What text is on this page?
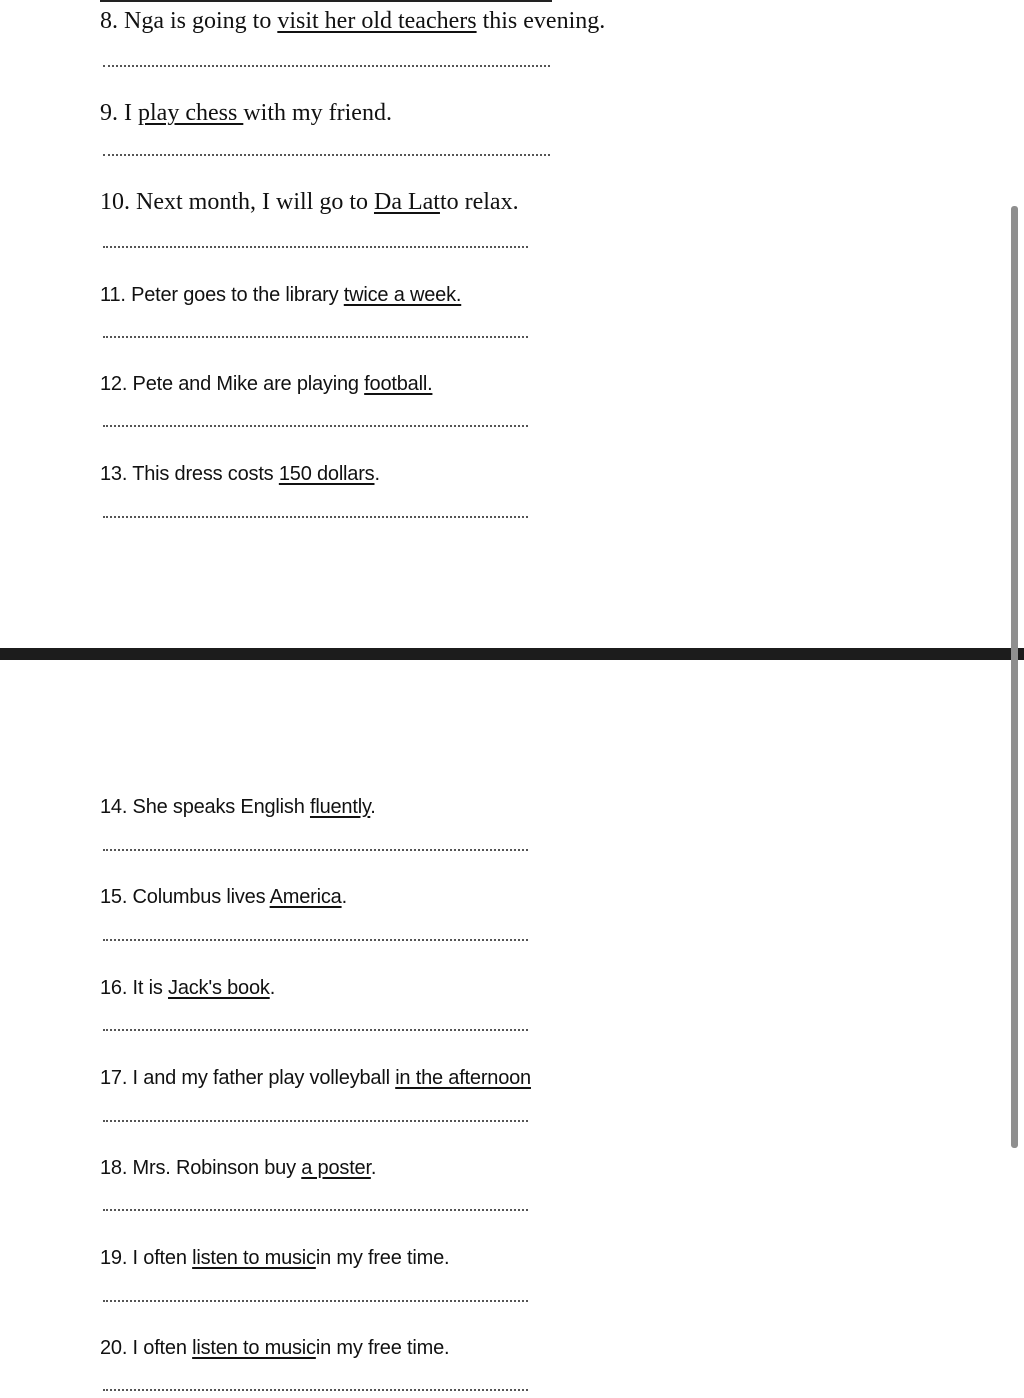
8. Nga is going to visit her old teachers this evening.
9. I play chess with my friend.
10. Next month, I will go to Da Latto relax.
11. Peter goes to the library twice a week.
12. Pete and Mike are playing football.
13. This dress costs 150 dollars.
14. She speaks English fluently.
15. Columbus lives America.
16. It is Jack's book.
17. I and my father play volleyball in the afternoon
18. Mrs. Robinson buy a poster.
19. I often listen to musicin my free time.
20. I often listen to musicin my free time.
